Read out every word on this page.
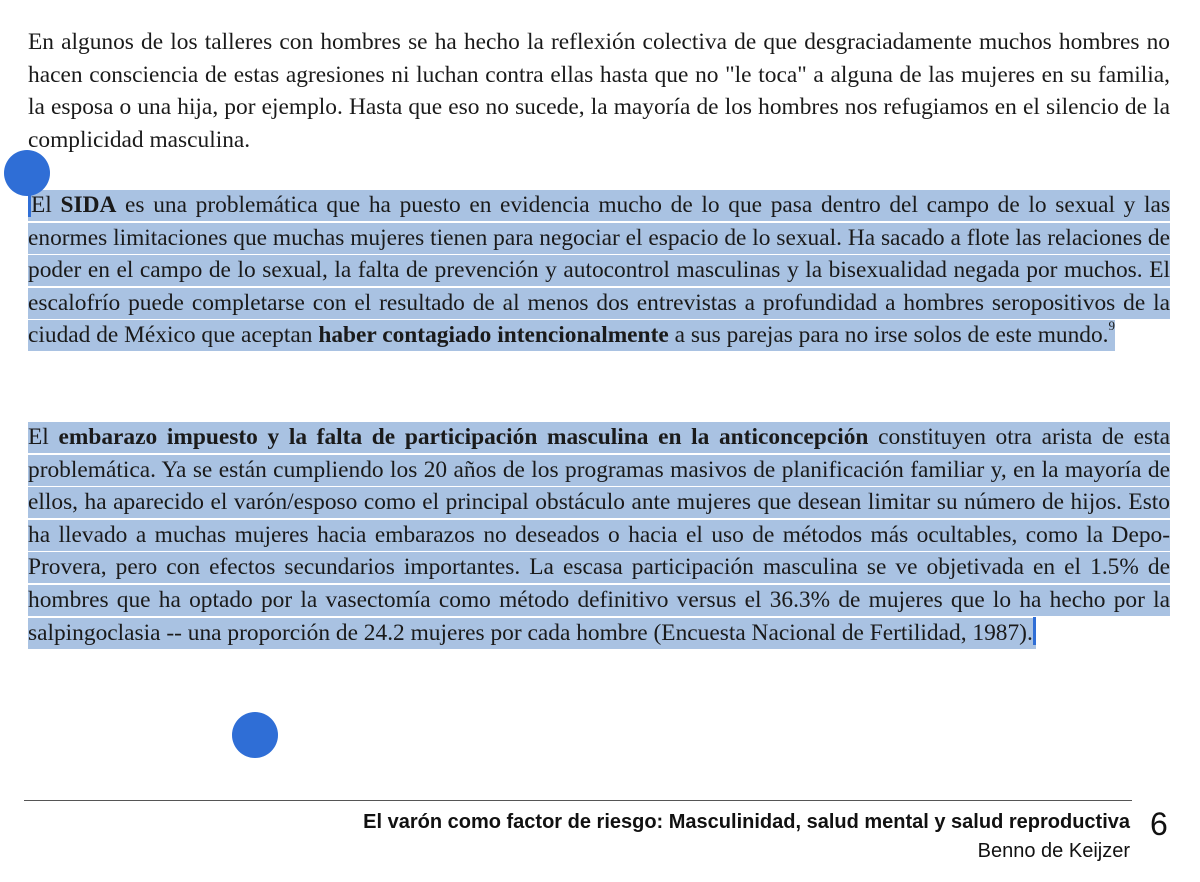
En algunos de los talleres con hombres se ha hecho la reflexión colectiva de que desgraciadamente muchos hombres no hacen consciencia de estas agresiones ni luchan contra ellas hasta que no "le toca" a alguna de las mujeres en su familia, la esposa o una hija, por ejemplo. Hasta que eso no sucede, la mayoría de los hombres nos refugiamos en el silencio de la complicidad masculina.

El SIDA es una problemática que ha puesto en evidencia mucho de lo que pasa dentro del campo de lo sexual y las enormes limitaciones que muchas mujeres tienen para negociar el espacio de lo sexual. Ha sacado a flote las relaciones de poder en el campo de lo sexual, la falta de prevención y autocontrol masculinas y la bisexualidad negada por muchos. El escalofrío puede completarse con el resultado de al menos dos entrevistas a profundidad a hombres seropositivos de la ciudad de México que aceptan haber contagiado intencionalmente a sus parejas para no irse solos de este mundo.$^9$

El embarazo impuesto y la falta de participación masculina en la anticoncepción constituyen otra arista de esta problemática. Ya se están cumpliendo los 20 años de los programas masivos de planificación familiar y, en la mayoría de ellos, ha aparecido el varón/esposo como el principal obstáculo ante mujeres que desean limitar su número de hijos. Esto ha llevado a muchas mujeres hacia embarazos no deseados o hacia el uso de métodos más ocultables, como la Depo-Provera, pero con efectos secundarios importantes. La escasa participación masculina se ve objetivada en el 1.5% de hombres que ha optado por la vasectomía como método definitivo versus el 36.3% de mujeres que lo ha hecho por la salpingoclasia -- una proporción de 24.2 mujeres por cada hombre (Encuesta Nacional de Fertilidad, 1987).

El varón como factor de riesgo: Masculinidad, salud mental y salud reproductiva
Benno de Keijzer
6
